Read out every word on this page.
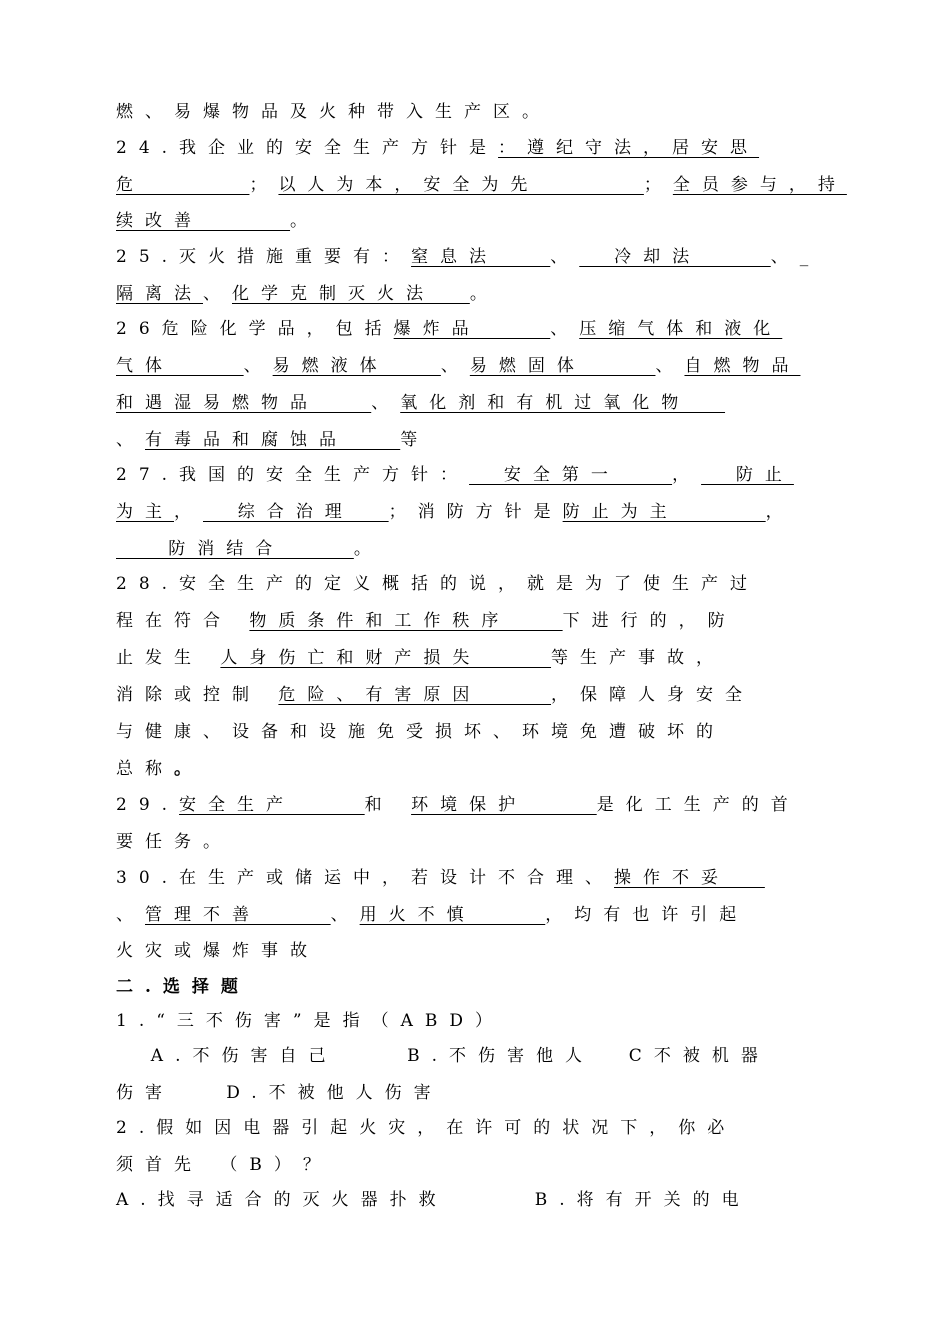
燃、易爆物品及火种带入生产区。
24.我企业的安全生产方针是：遵纪守法，居安思
危      ；以人为本，安全为先      ；全员参与，持
续改善     。
25.灭火措施重要有：窒息法   、  冷却法    、_
隔离法、化学克制灭火法  。
26危险化学品，包括爆炸品    、压缩气体和液化
气体    、易燃液体   、易燃固体    、自燃物品
和遇湿易燃物品   、氧化剂和有机过氧化物
、有毒品和腐蚀品   等
27.我国的安全生产方针：  安全第一   ，  防止
为主，  综合治理  ；消防方针是防止为主     ，
防消结合    。
28.安全生产的定义概括的说，就是为了使生产过
程在符合 物质条件和工作秩序   下进行的，防
止发生 人身伤亡和财产损失    等生产事故，
消除或控制 危险、有害原因    ，保障人身安全
与健康、设备和设施免受损坏、环境免遭破坏的
总称。
29.安全生产    和 环境保护    是化工生产的首
要任务。
30.在生产或储运中，若设计不合理、操作不妥
、管理不善    、用火不慎    ，均有也许引起
火灾或爆炸事故
二.选择题
1.“三不伤害”是指（ABD）
A.不伤害自己    B.不伤害他人  C不被机器
伤害   D.不被他人伤害
2.假如因电器引起火灾，在许可的状况下，你必
须首先 （B）？
A.找寻适合的灭火器扑救     B.将有开关的电
